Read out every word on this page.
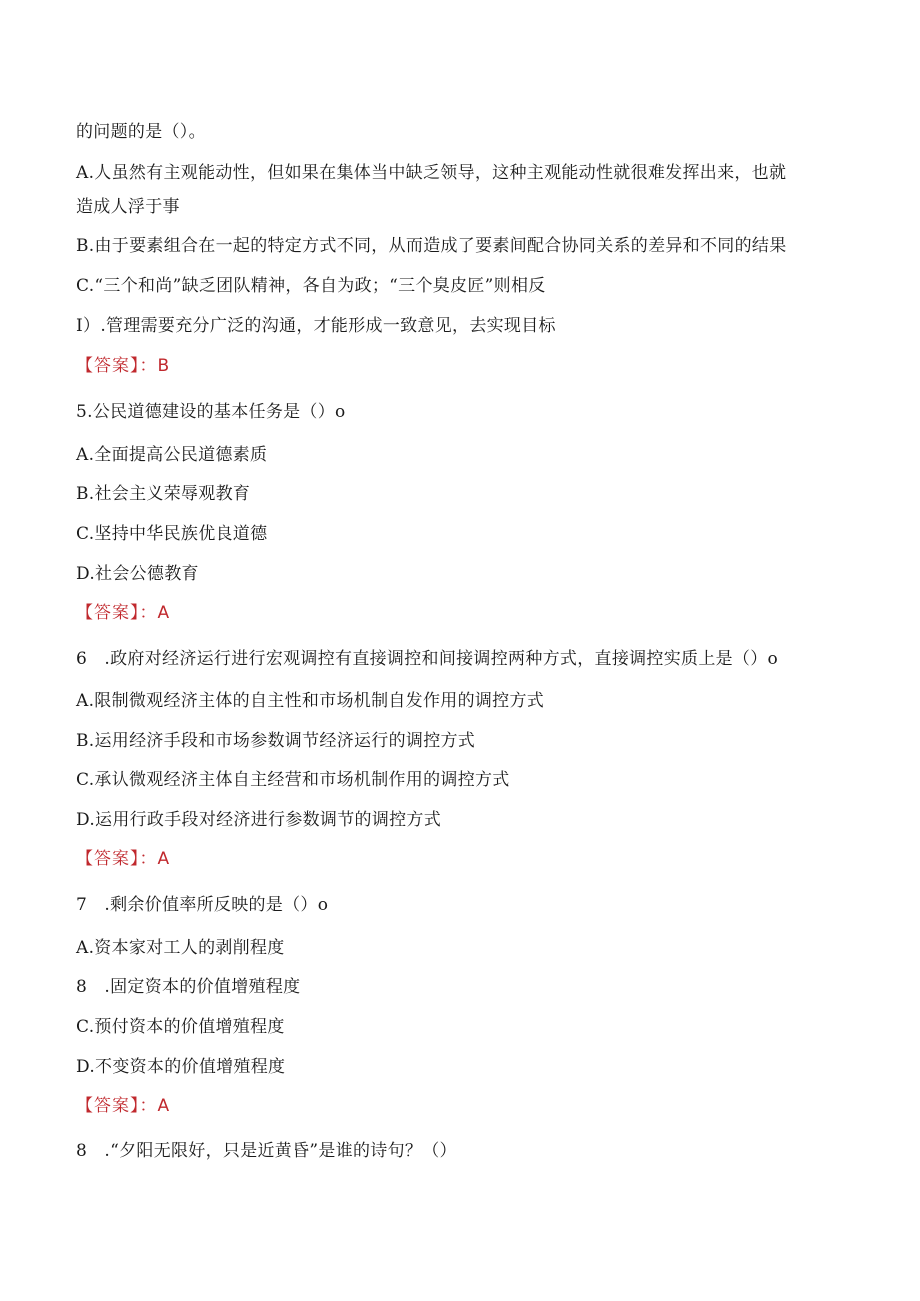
的问题的是（）。
A.人虽然有主观能动性，但如果在集体当中缺乏领导，这种主观能动性就很难发挥出来，也就
造成人浮于事
B.由于要素组合在一起的特定方式不同，从而造成了要素间配合协同关系的差异和不同的结果
C.“三个和尚”缺乏团队精神，各自为政；“三个臭皮匠”则相反
I）.管理需要充分广泛的沟通，才能形成一致意见，去实现目标
【答案】：B
5.公民道德建设的基本任务是（）o
A.全面提高公民道德素质
B.社会主义荣辱观教育
C.坚持中华民族优良道德
D.社会公德教育
【答案】：A
6　.政府对经济运行进行宏观调控有直接调控和间接调控两种方式，直接调控实质上是（）o
A.限制微观经济主体的自主性和市场机制自发作用的调控方式
B.运用经济手段和市场参数调节经济运行的调控方式
C.承认微观经济主体自主经营和市场机制作用的调控方式
D.运用行政手段对经济进行参数调节的调控方式
【答案】：A
7　.剩余价值率所反映的是（）o
A.资本家对工人的剥削程度
8　.固定资本的价值增殖程度
C.预付资本的价值增殖程度
D.不变资本的价值增殖程度
【答案】：A
8　.“夕阳无限好，只是近黄昏”是谁的诗句？（）
